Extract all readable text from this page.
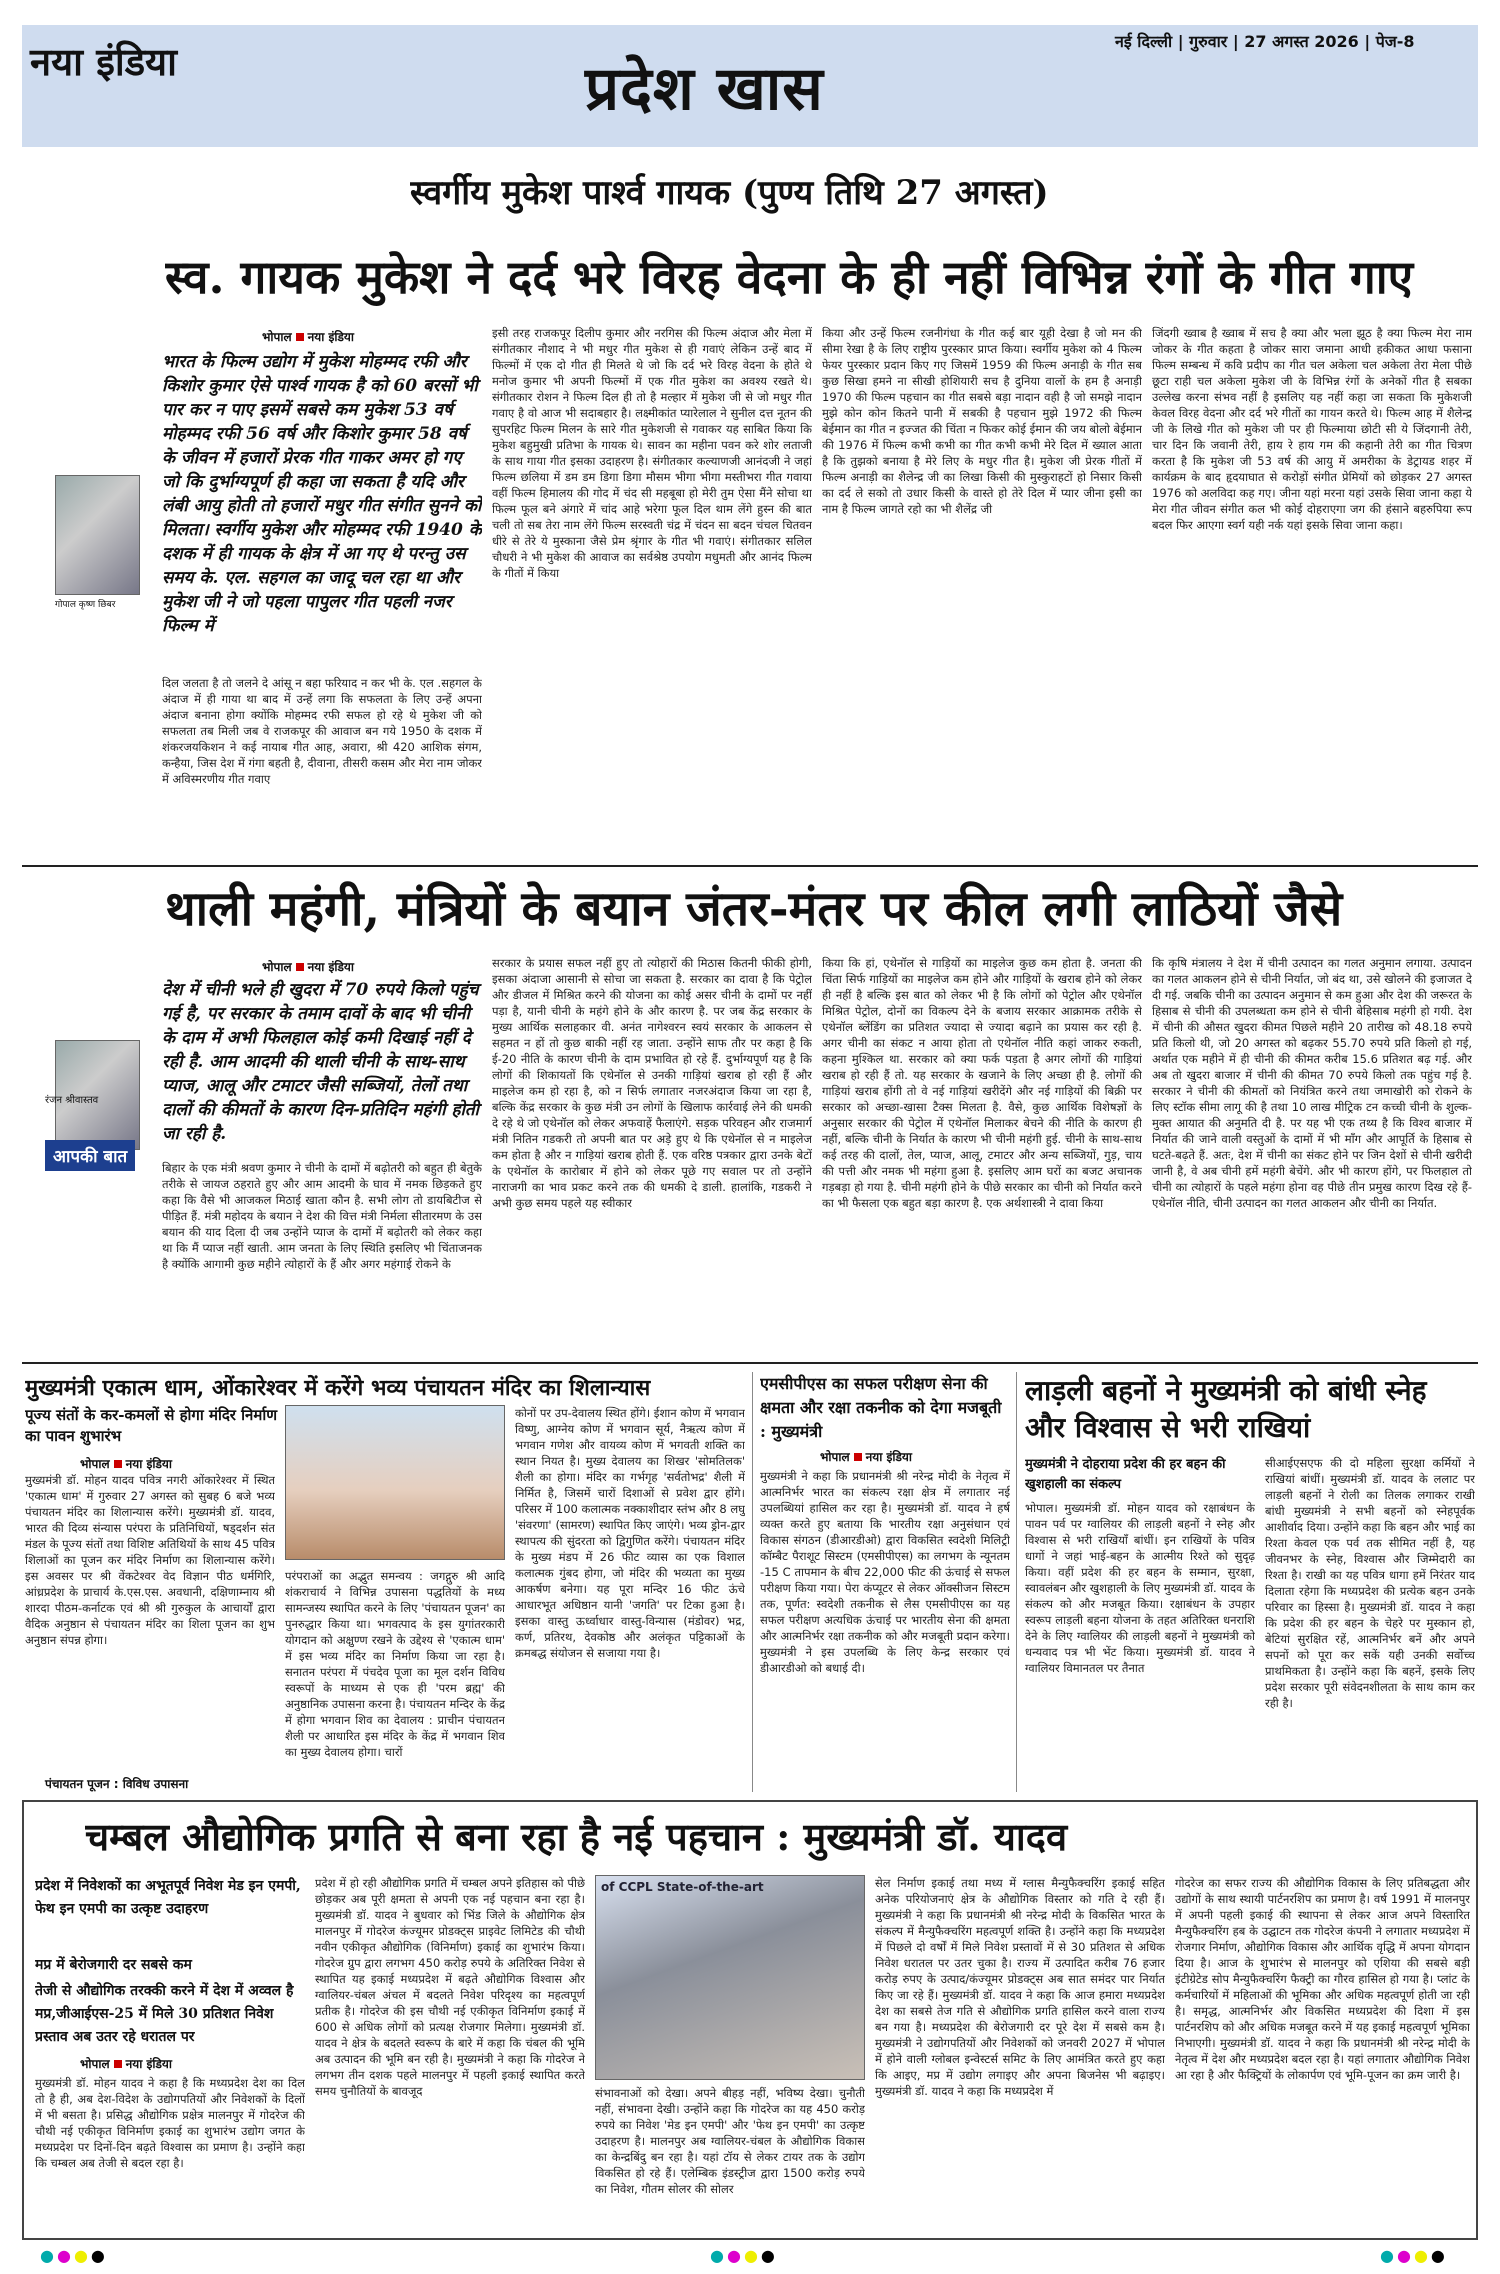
नया इंडिया	प्रदेश खास
नई दिल्ली | गुरुवार | 27 अगस्त 2026 | पेज-8
स्वर्गीय मुकेश पार्श्व गायक (पुण्य तिथि 27 अगस्त)
स्व. गायक मुकेश ने दर्द भरे विरह वेदना के ही नहीं विभिन्न रंगों के गीत गाए
भोपाल नया इंडिया
गोपाल कृष्ण छिबर
भारत के फिल्म उद्योग में मुकेश मोहम्मद रफी और किशोर कुमार ऐसे पार्श्व गायक है को 60 बरसों भी पार कर न पाए इसमें सबसे कम मुकेश 53 वर्ष मोहम्मद रफी 56 वर्ष और किशोर कुमार 58 वर्ष के जीवन में हजारों प्रेरक गीत गाकर अमर हो गए जो कि दुर्भाग्यपूर्ण ही कहा जा सकता है यदि और लंबी आयु होती तो हजारों मधुर गीत संगीत सुनने को मिलता। स्वर्गीय मुकेश और मोहम्मद रफी 1940 के दशक में ही गायक के क्षेत्र में आ गए थे परन्तु उस समय के. एल. सहगल का जादू चल रहा था और मुकेश जी ने जो पहला पापुलर गीत पहली नजर फिल्म में
दिल जलता है तो जलने दे आंसू न बहा फरियाद न कर भी के. एल .सहगल के अंदाज में ही गाया था बाद में उन्हें लगा कि सफलता के लिए उन्हें अपना अंदाज बनाना होगा क्योंकि मोहम्मद रफी सफल हो रहे थे मुकेश जी को सफलता तब मिली जब वे राजकपूर की आवाज बन गये 1950 के दशक में शंकरजयकिशन ने कई नायाब गीत आह, अवारा, श्री 420 आशिक संगम, कन्हैया, जिस देश में गंगा बहती है, दीवाना, तीसरी कसम और मेरा नाम जोकर में अविस्मरणीय गीत गवाए
इसी तरह राजकपूर दिलीप कुमार और नरगिस की फिल्म अंदाज और मेला में संगीतकार नौशाद ने भी मधुर गीत मुकेश से ही गवाएं लेकिन उन्हें बाद में फिल्मों में एक दो गीत ही मिलते थे जो कि दर्द भरे विरह वेदना के होते थे मनोज कुमार भी अपनी फिल्मों में एक गीत मुकेश का अवश्य रखते थे। संगीतकार रोशन ने फिल्म दिल ही तो है मल्हार में मुकेश जी से जो मधुर गीत गवाए है वो आज भी सदाबहार है। लक्ष्मीकांत प्यारेलाल ने सुनील दत्त नूतन की सुपरहिट फिल्म मिलन के सारे गीत मुकेशजी से गवाकर यह साबित किया कि मुकेश बहुमुखी प्रतिभा के गायक थे। सावन का महीना पवन करे शोर लताजी के साथ गाया गीत इसका उदाहरण है। संगीतकार कल्याणजी आनंदजी ने जहां फिल्म छलिया में डम डम डिगा डिगा मौसम भीगा भीगा मस्तीभरा गीत गवाया वहीं फिल्म हिमालय की गोद में चंद सी महबूबा हो मेरी तुम ऐसा मैंने सोचा था फिल्म फूल बने अंगारे में चांद आहे भरेगा फूल दिल थाम लेंगे हुस्न की बात चली तो सब तेरा नाम लेंगे फिल्म सरस्वती चंद्र में चंदन सा बदन चंचल चितवन धीरे से तेरे ये मुस्काना जैसे प्रेम श्रृंगार के गीत भी गवाएं। संगीतकार सलिल चौधरी ने भी मुकेश की आवाज का सर्वश्रेष्ठ उपयोग मधुमती और आनंद फिल्म के गीतों में किया
किया और उन्हें फिल्म रजनीगंधा के गीत कई बार यूही देखा है जो मन की सीमा रेखा है के लिए राष्ट्रीय पुरस्कार प्राप्त किया। स्वर्गीय मुकेश को 4 फिल्म फेयर पुरस्कार प्रदान किए गए जिसमें 1959 की फिल्म अनाड़ी के गीत सब कुछ सिखा हमने ना सीखी होशियारी सच है दुनिया वालों के हम है अनाड़ी 1970 की फिल्म पहचान का गीत सबसे बड़ा नादान वही है जो समझे नादान मुझे कोन कोन कितने पानी में सबकी है पहचान मुझे 1972 की फिल्म बेईमान का गीत न इज्जत की चिंता न फिकर कोई ईमान की जय बोलो बेईमान की 1976 में फिल्म कभी कभी का गीत कभी कभी मेरे दिल में ख्याल आता है कि तुझको बनाया है मेरे लिए के मधुर गीत है। मुकेश जी प्रेरक गीतों में फिल्म अनाड़ी का शैलेन्द्र जी का लिखा किसी की मुस्कुराहटों हो निसार किसी का दर्द ले सको तो उधार किसी के वास्ते हो तेरे दिल में प्यार जीना इसी का नाम है फिल्म जागते रहो का भी शैलेंद्र जी
जिंदगी ख्वाब है ख्वाब में सच है क्या और भला झूठ है क्या फिल्म मेरा नाम जोकर के गीत कहता है जोकर सारा जमाना आधी हकीकत आधा फसाना फिल्म सम्बन्ध में कवि प्रदीप का गीत चल अकेला चल अकेला तेरा मेला पीछे छूटा राही चल अकेला मुकेश जी के विभिन्न रंगों के अनेकों गीत है सबका उल्लेख करना संभव नहीं है इसलिए यह नहीं कहा जा सकता कि मुकेशजी केवल विरह वेदना और दर्द भरे गीतों का गायन करते थे। फिल्म आह में शैलेन्द्र जी के लिखे गीत को मुकेश जी पर ही फिल्माया छोटी सी ये जिंदगानी तेरी, चार दिन कि जवानी तेरी, हाय रे हाय गम की कहानी तेरी का गीत चित्रण करता है कि मुकेश जी 53 वर्ष की आयु में अमरीका के डेट्रायड शहर में कार्यक्रम के बाद हृदयाघात से करोड़ों संगीत प्रेमियों को छोड़कर 27 अगस्त 1976 को अलविदा कह गए। जीना यहां मरना यहां उसके सिवा जाना कहा ये मेरा गीत जीवन संगीत कल भी कोई दोहराएगा जग की हंसाने बहरुपिया रूप बदल फिर आएगा स्वर्ग यही नर्क यहां इसके सिवा जाना कहा।
थाली महंगी, मंत्रियों के बयान जंतर-मंतर पर कील लगी लाठियों जैसे
भोपाल नया इंडिया
रंजन श्रीवास्तव
आपकी बात
देश में चीनी भले ही खुदरा में 70 रुपये किलो पहुंच गई है, पर सरकार के तमाम दावों के बाद भी चीनी के दाम में अभी फिलहाल कोई कमी दिखाई नहीं दे रही है. आम आदमी की थाली चीनी के साथ-साथ प्याज, आलू और टमाटर जैसी सब्जियों, तेलों तथा दालों की कीमतों के कारण दिन-प्रतिदिन महंगी होती जा रही है.
बिहार के एक मंत्री श्रवण कुमार ने चीनी के दामों में बढ़ोतरी को बहुत ही बेतुके तरीके से जायज ठहराते हुए और आम आदमी के घाव में नमक छिड़कते हुए कहा कि वैसे भी आजकल मिठाई खाता कौन है. सभी लोग तो डायबिटीज से पीड़ित हैं. मंत्री महोदय के बयान ने देश की वित्त मंत्री निर्मला सीतारमण के उस बयान की याद दिला दी जब उन्होंने प्याज के दामों में बढ़ोतरी को लेकर कहा था कि मैं प्याज नहीं खाती. आम जनता के लिए स्थिति इसलिए भी चिंताजनक है क्योंकि आगामी कुछ महीने त्योहारों के हैं और अगर महंगाई रोकने के
सरकार के प्रयास सफल नहीं हुए तो त्योहारों की मिठास कितनी फीकी होगी, इसका अंदाजा आसानी से सोचा जा सकता है. सरकार का दावा है कि पेट्रोल और डीजल में मिश्रित करने की योजना का कोई असर चीनी के दामों पर नहीं पड़ा है, यानी चीनी के महंगे होने के और कारण है. पर जब केंद्र सरकार के मुख्य आर्थिक सलाहकार वी. अनंत नागेश्वरन स्वयं सरकार के आकलन से सहमत न हों तो कुछ बाकी नहीं रह जाता. उन्होंने साफ तौर पर कहा है कि ई-20 नीति के कारण चीनी के दाम प्रभावित हो रहे हैं. दुर्भाग्यपूर्ण यह है कि लोगों की शिकायतों कि एथेनॉल से उनकी गाड़ियां खराब हो रही हैं और माइलेज कम हो रहा है, को न सिर्फ लगातार नजरअंदाज किया जा रहा है, बल्कि केंद्र सरकार के कुछ मंत्री उन लोगों के खिलाफ कार्रवाई लेने की धमकी दे रहे थे जो एथेनॉल को लेकर अफवाहें फैलाएंगे. सड़क परिवहन और राजमार्ग मंत्री नितिन गडकरी तो अपनी बात पर अड़े हुए थे कि एथेनॉल से न माइलेज कम होता है और न गाड़ियां खराब होती हैं. एक वरिष्ठ पत्रकार द्वारा उनके बेटों के एथेनॉल के कारोबार में होने को लेकर पूछे गए सवाल पर तो उन्होंने नाराजगी का भाव प्रकट करने तक की धमकी दे डाली. हालांकि, गडकरी ने अभी कुछ समय पहले यह स्वीकार
किया कि हां, एथेनॉल से गाड़ियों का माइलेज कुछ कम होता है. जनता की चिंता सिर्फ गाड़ियों का माइलेज कम होने और गाड़ियों के खराब होने को लेकर ही नहीं है बल्कि इस बात को लेकर भी है कि लोगों को पेट्रोल और एथेनॉल मिश्रित पेट्रोल, दोनों का विकल्प देने के बजाय सरकार आक्रामक तरीके से एथेनॉल ब्लेंडिंग का प्रतिशत ज्यादा से ज्यादा बढ़ाने का प्रयास कर रही है. अगर चीनी का संकट न आया होता तो एथेनॉल नीति कहां जाकर रुकती, कहना मुश्किल था. सरकार को क्या फर्क पड़ता है अगर लोगों की गाड़ियां खराब हो रही हैं तो. यह सरकार के खजाने के लिए अच्छा ही है. लोगों की गाड़ियां खराब होंगी तो वे नई गाड़ियां खरीदेंगे और नई गाड़ियों की बिक्री पर सरकार को अच्छा-खासा टैक्स मिलता है. वैसे, कुछ आर्थिक विशेषज्ञों के अनुसार सरकार की पेट्रोल में एथेनॉल मिलाकर बेचने की नीति के कारण ही नहीं, बल्कि चीनी के निर्यात के कारण भी चीनी महंगी हुई. चीनी के साथ-साथ कई तरह की दालों, तेल, प्याज, आलू, टमाटर और अन्य सब्जियों, गुड़, चाय की पत्ती और नमक भी महंगा हुआ है. इसलिए आम घरों का बजट अचानक गड़बड़ा हो गया है. चीनी महंगी होने के पीछे सरकार का चीनी को निर्यात करने का भी फैसला एक बहुत बड़ा कारण है. एक अर्थशास्त्री ने दावा किया
कि कृषि मंत्रालय ने देश में चीनी उत्पादन का गलत अनुमान लगाया. उत्पादन का गलत आकलन होने से चीनी निर्यात, जो बंद था, उसे खोलने की इजाजत दे दी गई. जबकि चीनी का उत्पादन अनुमान से कम हुआ और देश की जरूरत के हिसाब से चीनी की उपलब्धता कम होने से चीनी बेहिसाब महंगी हो गयी. देश में चीनी की औसत खुदरा कीमत पिछले महीने 20 तारीख को 48.18 रुपये प्रति किलो थी, जो 20 अगस्त को बढ़कर 55.70 रुपये प्रति किलो हो गई, अर्थात एक महीने में ही चीनी की कीमत करीब 15.6 प्रतिशत बढ़ गई. और अब तो खुदरा बाजार में चीनी की कीमत 70 रुपये किलो तक पहुंच गई है. सरकार ने चीनी की कीमतों को नियंत्रित करने तथा जमाखोरी को रोकने के लिए स्टॉक सीमा लागू की है तथा 10 लाख मीट्रिक टन कच्ची चीनी के शुल्क-मुक्त आयात की अनुमति दी है. पर यह भी एक तथ्य है कि विश्व बाजार में निर्यात की जाने वाली वस्तुओं के दामों में भी माँग और आपूर्ति के हिसाब से घटते-बढ़ते हैं. अतः, देश में चीनी का संकट होने पर जिन देशों से चीनी खरीदी जानी है, वे अब चीनी हमें महंगी बेचेंगे. और भी कारण होंगे, पर फिलहाल तो चीनी का त्योहारों के पहले महंगा होना वह पीछे तीन प्रमुख कारण दिख रहे हैं- एथेनॉल नीति, चीनी उत्पादन का गलत आकलन और चीनी का निर्यात.
मुख्यमंत्री एकात्म धाम, ओंकारेश्वर में करेंगे भव्य पंचायतन मंदिर का शिलान्यास
पूज्य संतों के कर-कमलों से होगा मंदिर निर्माण का पावन शुभारंभ
भोपाल नया इंडिया
मुख्यमंत्री डॉ. मोहन यादव पवित्र नगरी ओंकारेश्वर में स्थित 'एकात्म धाम' में गुरुवार 27 अगस्त को सुबह 6 बजे भव्य पंचायतन मंदिर का शिलान्यास करेंगे। मुख्यमंत्री डॉ. यादव, भारत की दिव्य संन्यास परंपरा के प्रतिनिधियों, षड्दर्शन संत मंडल के पूज्य संतों तथा विशिष्ट अतिथियों के साथ 45 पवित्र शिलाओं का पूजन कर मंदिर निर्माण का शिलान्यास करेंगे। इस अवसर पर श्री वेंकटेश्वर वेद विज्ञान पीठ धर्मगिरि, आंध्रप्रदेश के प्राचार्य के.एस.एस. अवधानी, दक्षिणाम्नाय श्री शारदा पीठम-कर्नाटक एवं श्री श्री गुरुकुल के आचार्यों द्वारा वैदिक अनुष्ठान से पंचायतन मंदिर का शिला पूजन का शुभ अनुष्ठान संपन्न होगा।
पंचायतन पूजन : विविध उपासना
परंपराओं का अद्भुत समन्वय : जगद्गुरु श्री आदि शंकराचार्य ने विभिन्न उपासना पद्धतियों के मध्य सामन्जस्य स्थापित करने के लिए 'पंचायतन पूजन' का पुनरुद्धार किया था। भगवत्पाद के इस युगांतरकारी योगदान को अक्षुण्ण रखने के उद्देश्य से 'एकात्म धाम' में इस भव्य मंदिर का निर्माण किया जा रहा है। सनातन परंपरा में पंचदेव पूजा का मूल दर्शन विविध स्वरूपों के माध्यम से एक ही 'परम ब्रह्म' की अनुष्ठानिक उपासना करना है। पंचायतन मन्दिर के केंद्र में होगा भगवान शिव का देवालय : प्राचीन पंचायतन शैली पर आधारित इस मंदिर के केंद्र में भगवान शिव का मुख्य देवालय होगा। चारों
कोनों पर उप-देवालय स्थित होंगे। ईशान कोण में भगवान विष्णु, आग्नेय कोण में भगवान सूर्य, नैऋत्य कोण में भगवान गणेश और वायव्य कोण में भगवती शक्ति का स्थान नियत है। मुख्य देवालय का शिखर 'सोमतिलक' शैली का होगा। मंदिर का गर्भगृह 'सर्वतोभद्र' शैली में निर्मित है, जिसमें चारों दिशाओं से प्रवेश द्वार होंगे। परिसर में 100 कलात्मक नक्काशीदार स्तंभ और 8 लघु 'संवरणा' (सामरण) स्थापित किए जाएंगे। भव्य ड्रोन-द्वार स्थापत्य की सुंदरता को द्विगुणित करेंगे। पंचायतन मंदिर के मुख्य मंडप में 26 फीट व्यास का एक विशाल कलात्मक गुंबद होगा, जो मंदिर की भव्यता का मुख्य आकर्षण बनेगा। यह पूरा मन्दिर 16 फीट ऊंचे आधारभूत अधिष्ठान यानी 'जगति' पर टिका हुआ है। इसका वास्तु ऊर्ध्वाधार वास्तु-विन्यास (मंडोवर) भद्र, कर्ण, प्रतिरथ, देवकोष्ठ और अलंकृत पट्टिकाओं के क्रमबद्ध संयोजन से सजाया गया है।
एमसीपीएस का सफल परीक्षण सेना की क्षमता और रक्षा तकनीक को देगा मजबूती : मुख्यमंत्री
भोपाल नया इंडिया
मुख्यमंत्री ने कहा कि प्रधानमंत्री श्री नरेन्द्र मोदी के नेतृत्व में आत्मनिर्भर भारत का संकल्प रक्षा क्षेत्र में लगातार नई उपलब्धियां हासिल कर रहा है। मुख्यमंत्री डॉ. यादव ने हर्ष व्यक्त करते हुए बताया कि भारतीय रक्षा अनुसंधान एवं विकास संगठन (डीआरडीओ) द्वारा विकसित स्वदेशी मिलिट्री कॉम्बैट पैराशूट सिस्टम (एमसीपीएस) का लगभग के न्यूनतम -15 C तापमान के बीच 22,000 फीट की ऊंचाई से सफल परीक्षण किया गया। पेरा कंप्यूटर से लेकर ऑक्सीजन सिस्टम तक, पूर्णत: स्वदेशी तकनीक से लैस एमसीपीएस का यह सफल परीक्षण अत्यधिक ऊंचाई पर भारतीय सेना की क्षमता और आत्मनिर्भर रक्षा तकनीक को और मजबूती प्रदान करेगा। मुख्यमंत्री ने इस उपलब्धि के लिए केन्द्र सरकार एवं डीआरडीओ को बधाई दी।
लाड़ली बहनों ने मुख्यमंत्री को बांधी स्नेह और विश्वास से भरी राखियां
मुख्यमंत्री ने दोहराया प्रदेश की हर बहन की खुशहाली का संकल्प
भोपाल। मुख्यमंत्री डॉ. मोहन यादव को रक्षाबंधन के पावन पर्व पर ग्वालियर की लाड़ली बहनों ने स्नेह और विश्वास से भरी राखियाँ बांधीं। इन राखियों के पवित्र धागों ने जहां भाई-बहन के आत्मीय रिश्ते को सुदृढ़ किया। वहीं प्रदेश की हर बहन के सम्मान, सुरक्षा, स्वावलंबन और खुशहाली के लिए मुख्यमंत्री डॉ. यादव के संकल्प को और मजबूत किया। रक्षाबंधन के उपहार स्वरूप लाड़ली बहना योजना के तहत अतिरिक्त धनराशि देने के लिए ग्वालियर की लाड़ली बहनों ने मुख्यमंत्री को धन्यवाद पत्र भी भेंट किया। मुख्यमंत्री डॉ. यादव ने ग्वालियर विमानतल पर तैनात
सीआईएसएफ की दो महिला सुरक्षा कर्मियों ने राखियां बांधीं। मुख्यमंत्री डॉ. यादव के ललाट पर लाड़ली बहनों ने रोली का तिलक लगाकर राखी बांधी मुख्यमंत्री ने सभी बहनों को स्नेहपूर्वक आशीर्वाद दिया। उन्होंने कहा कि बहन और भाई का रिश्ता केवल एक पर्व तक सीमित नहीं है, यह जीवनभर के स्नेह, विश्वास और जिम्मेदारी का रिश्ता है। राखी का यह पवित्र धागा हमें निरंतर याद दिलाता रहेगा कि मध्यप्रदेश की प्रत्येक बहन उनके परिवार का हिस्सा है। मुख्यमंत्री डॉ. यादव ने कहा कि प्रदेश की हर बहन के चेहरे पर मुस्कान हो, बेटियां सुरक्षित रहें, आत्मनिर्भर बनें और अपने सपनों को पूरा कर सकें यही उनकी सर्वोच्च प्राथमिकता है। उन्होंने कहा कि बहनें, इसके लिए प्रदेश सरकार पूरी संवेदनशीलता के साथ काम कर रही है।
चम्बल औद्योगिक प्रगति से बना रहा है नई पहचान : मुख्यमंत्री डॉ. यादव
प्रदेश में निवेशकों का अभूतपूर्व निवेश मेड इन एमपी, फेथ इन एमपी का उत्कृष्ट उदाहरण
मप्र में बेरोजगारी दर सबसे कम
तेजी से औद्योगिक तरक्की करने में देश में अव्वल है मप्र,जीआईएस-25 में मिले 30 प्रतिशत निवेश प्रस्ताव अब उतर रहे धरातल पर
भोपाल नया इंडिया
मुख्यमंत्री डॉ. मोहन यादव ने कहा है कि मध्यप्रदेश देश का दिल तो है ही, अब देश-विदेश के उद्योगपतियों और निवेशकों के दिलों में भी बसता है। प्रसिद्ध औद्योगिक प्रक्षेत्र मालनपुर में गोदरेज की चौथी नई एकीकृत विनिर्माण इकाई का शुभारंभ उद्योग जगत के मध्यप्रदेश पर दिनों-दिन बढ़ते विश्वास का प्रमाण है। उन्होंने कहा कि चम्बल अब तेजी से बदल रहा है।
प्रदेश में हो रही औद्योगिक प्रगति में चम्बल अपने इतिहास को पीछे छोड़कर अब पूरी क्षमता से अपनी एक नई पहचान बना रहा है। मुख्यमंत्री डॉ. यादव ने बुधवार को भिंड जिले के औद्योगिक क्षेत्र मालनपुर में गोदरेज कंज्यूमर प्रोडक्ट्स प्राइवेट लिमिटेड की चौथी नवीन एकीकृत औद्योगिक (विनिर्माण) इकाई का शुभारंभ किया। गोदरेज ग्रुप द्वारा लगभग 450 करोड़ रुपये के अतिरिक्त निवेश से स्थापित यह इकाई मध्यप्रदेश में बढ़ते औद्योगिक विश्वास और ग्वालियर-चंबल अंचल में बदलते निवेश परिदृश्य का महत्वपूर्ण प्रतीक है। गोदरेज की इस चौथी नई एकीकृत विनिर्माण इकाई में 600 से अधिक लोगों को प्रत्यक्ष रोजगार मिलेगा। मुख्यमंत्री डॉ. यादव ने क्षेत्र के बदलते स्वरूप के बारे में कहा कि चंबल की भूमि अब उत्पादन की भूमि बन रही है। मुख्यमंत्री ने कहा कि गोदरेज ने लगभग तीन दशक पहले मालनपुर में पहली इकाई स्थापित करते समय चुनौतियों के बावजूद
of CCPL State-of-the-art
संभावनाओं को देखा। अपने बीहड़ नहीं, भविष्य देखा। चुनौती नहीं, संभावना देखी। उन्होंने कहा कि गोदरेज का यह 450 करोड़ रुपये का निवेश 'मेड इन एमपी' और 'फेथ इन एमपी' का उत्कृष्ट उदाहरण है। मालनपुर अब ग्वालियर-चंबल के औद्योगिक विकास का केन्द्रबिंदु बन रहा है। यहां टॉय से लेकर टायर तक के उद्योग विकसित हो रहे हैं। एलेम्बिक इंडस्ट्रीज द्वारा 1500 करोड़ रुपये का निवेश, गौतम सोलर की सोलर
सेल निर्माण इकाई तथा मध्य में ग्लास मैन्युफैक्चरिंग इकाई सहित अनेक परियोजनाएं क्षेत्र के औद्योगिक विस्तार को गति दे रही हैं। मुख्यमंत्री ने कहा कि प्रधानमंत्री श्री नरेन्द्र मोदी के विकसित भारत के संकल्प में मैन्युफैक्चरिंग महत्वपूर्ण शक्ति है। उन्होंने कहा कि मध्यप्रदेश में पिछले दो वर्षों में मिले निवेश प्रस्तावों में से 30 प्रतिशत से अधिक निवेश धरातल पर उतर चुका है। राज्य में उत्पादित करीब 76 हजार करोड़ रुपए के उत्पाद/कंज्यूमर प्रोडक्ट्स अब सात समंदर पार निर्यात किए जा रहे हैं। मुख्यमंत्री डॉ. यादव ने कहा कि आज हमारा मध्यप्रदेश देश का सबसे तेज गति से औद्योगिक प्रगति हासिल करने वाला राज्य बन गया है। मध्यप्रदेश की बेरोजगारी दर पूरे देश में सबसे कम है। मुख्यमंत्री ने उद्योगपतियों और निवेशकों को जनवरी 2027 में भोपाल में होने वाली ग्लोबल इन्वेस्टर्स समिट के लिए आमंत्रित करते हुए कहा कि आइए, मप्र में उद्योग लगाइए और अपना बिजनेस भी बढ़ाइए। मुख्यमंत्री डॉ. यादव ने कहा कि मध्यप्रदेश में
गोदरेज का सफर राज्य की औद्योगिक विकास के लिए प्रतिबद्धता और उद्योगों के साथ स्थायी पार्टनरशिप का प्रमाण है। वर्ष 1991 में मालनपुर में अपनी पहली इकाई की स्थापना से लेकर आज अपने विस्तारित मैन्युफैक्चरिंग हब के उद्घाटन तक गोदरेज कंपनी ने लगातार मध्यप्रदेश में रोजगार निर्माण, औद्योगिक विकास और आर्थिक वृद्धि में अपना योगदान दिया है। आज के शुभारंभ से मालनपुर को एशिया की सबसे बड़ी इंटीग्रेटेड सोप मैन्युफैक्चरिंग फैक्ट्री का गौरव हासिल हो गया है। प्लांट के कर्मचारियों में महिलाओं की भूमिका और अधिक महत्वपूर्ण होती जा रही है। समृद्ध, आत्मनिर्भर और विकसित मध्यप्रदेश की दिशा में इस पार्टनरशिप को और अधिक मजबूत करने में यह इकाई महत्वपूर्ण भूमिका निभाएगी। मुख्यमंत्री डॉ. यादव ने कहा कि प्रधानमंत्री श्री नरेन्द्र मोदी के नेतृत्व में देश और मध्यप्रदेश बदल रहा है। यहां लगातार औद्योगिक निवेश आ रहा है और फैक्ट्रियों के लोकार्पण एवं भूमि-पूजन का क्रम जारी है।
●●●●	●●●●	●●●●
